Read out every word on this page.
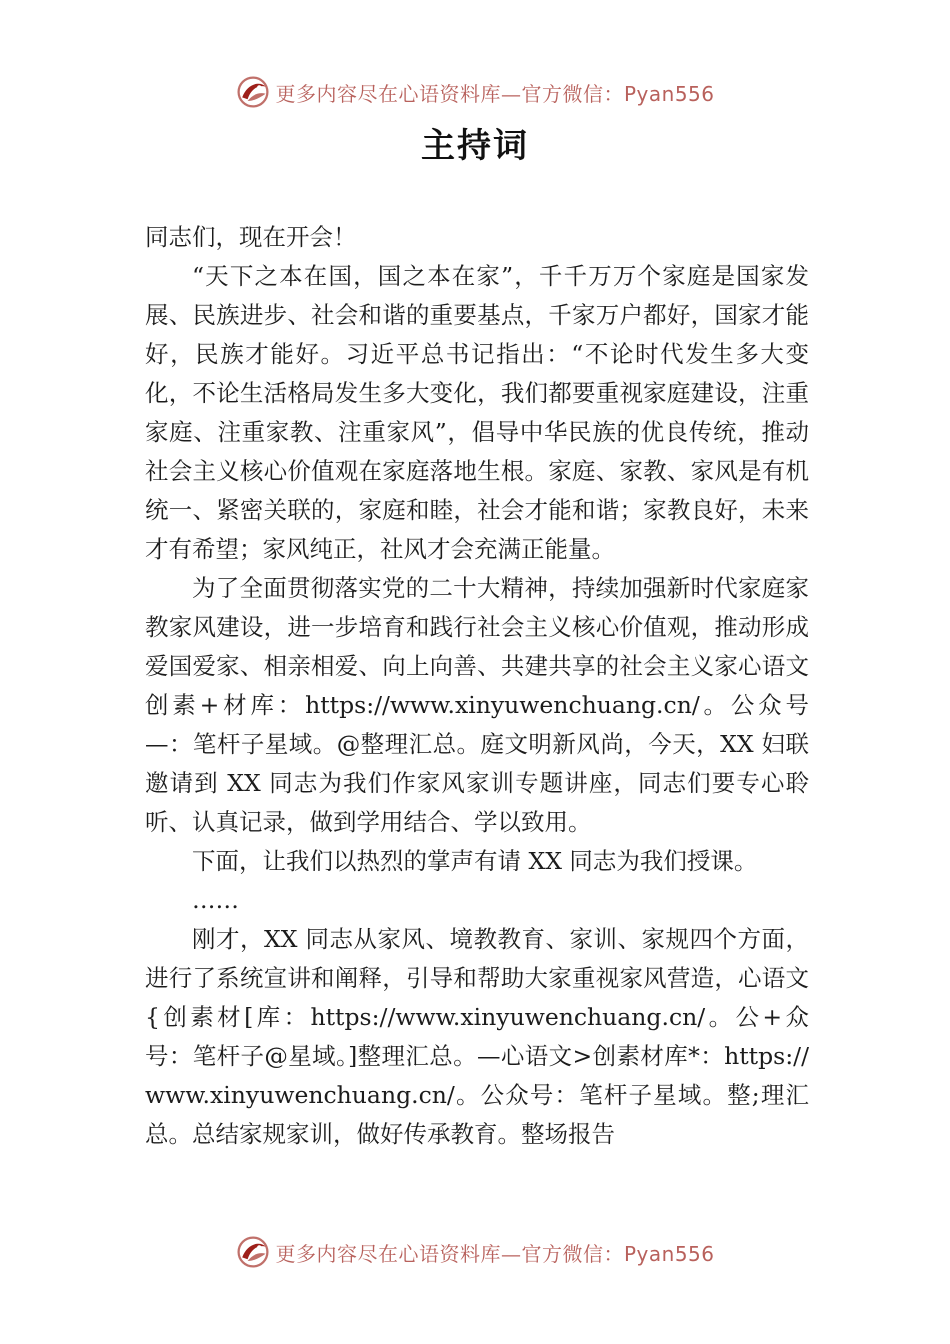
更多内容尽在心语资料库—官方微信：Pyan556
主持词

同志们，现在开会！

“天下之本在国，国之本在家”，千千万万个家庭是国家发展、民族进步、社会和谐的重要基点，千家万户都好，国家才能好，民族才能好。习近平总书记指出：“不论时代发生多大变化，不论生活格局发生多大变化，我们都要重视家庭建设，注重家庭、注重家教、注重家风”，倡导中华民族的优良传统，推动社会主义核心价值观在家庭落地生根。家庭、家教、家风是有机统一、紧密关联的，家庭和睦，社会才能和谐；家教良好，未来才有希望；家风纯正，社风才会充满正能量。

为了全面贯彻落实党的二十大精神，持续加强新时代家庭家教家风建设，进一步培育和践行社会主义核心价值观，推动形成爱国爱家、相亲相爱、向上向善、共建共享的社会主义家心语文创素+材库：https://www.xinyuwenchuang.cn/。公众号—：笔杆子星域。@整理汇总。庭文明新风尚，今天，XX 妇联邀请到 XX 同志为我们作家风家训专题讲座，同志们要专心聆听、认真记录，做到学用结合、学以致用。

下面，让我们以热烈的掌声有请 XX 同志为我们授课。

……

刚才，XX 同志从家风、境教教育、家训、家规四个方面， 进行了系统宣讲和阐释，引导和帮助大家重视家风营造，心语文{创素材[库：https://www.xinyuwenchuang.cn/。公+众号：笔杆子@星域。]整理汇总。—心语文>创素材库*：https://www.xinyuwenchuang.cn/。公众号：笔杆子星域。整;理汇总。总结家规家训，做好传承教育。整场报告

更多内容尽在心语资料库—官方微信：Pyan556
